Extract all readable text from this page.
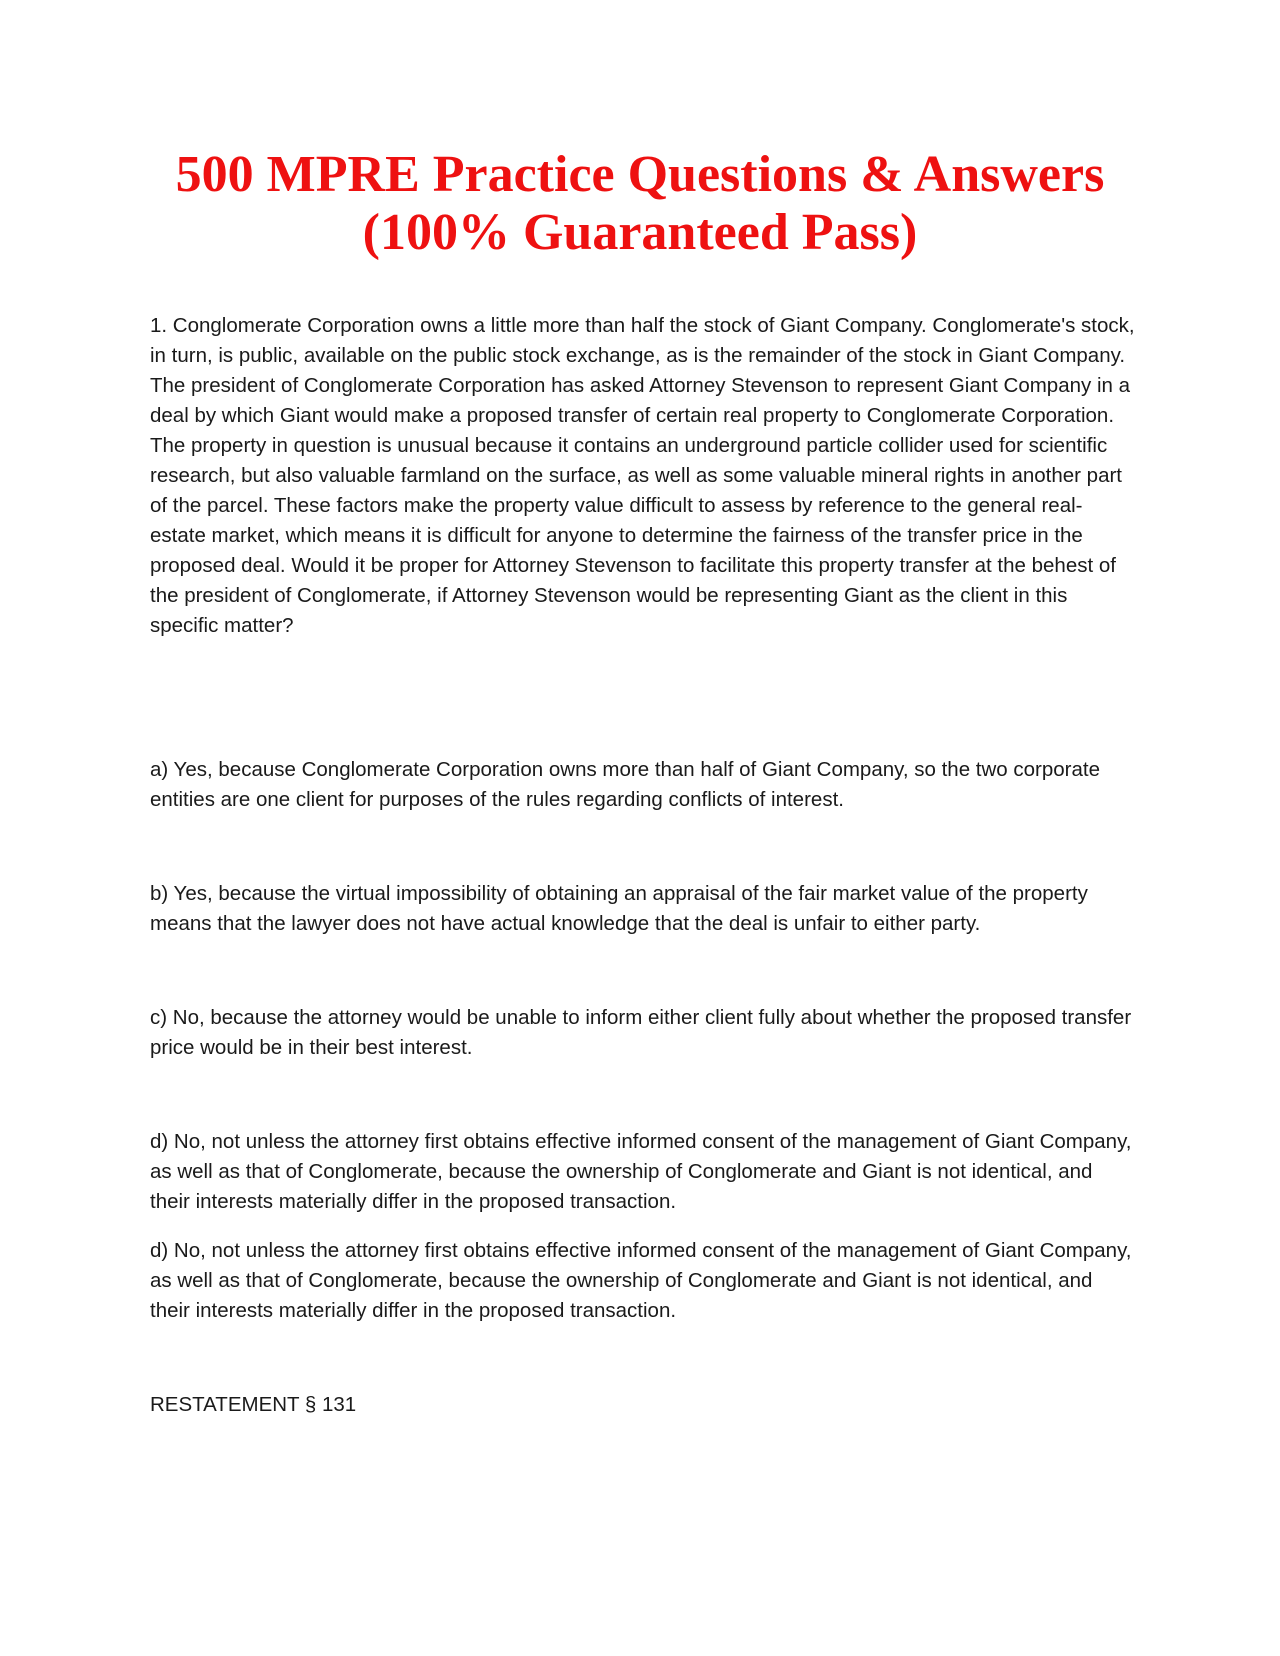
500 MPRE Practice Questions & Answers
(100% Guaranteed Pass)

1. Conglomerate Corporation owns a little more than half the stock of Giant Company. Conglomerate's stock, in turn, is public, available on the public stock exchange, as is the remainder of the stock in Giant Company. The president of Conglomerate Corporation has asked Attorney Stevenson to represent Giant Company in a deal by which Giant would make a proposed transfer of certain real property to Conglomerate Corporation. The property in question is unusual because it contains an underground particle collider used for scientific research, but also valuable farmland on the surface, as well as some valuable mineral rights in another part of the parcel. These factors make the property value difficult to assess by reference to the general real-estate market, which means it is difficult for anyone to determine the fairness of the transfer price in the proposed deal. Would it be proper for Attorney Stevenson to facilitate this property transfer at the behest of the president of Conglomerate, if Attorney Stevenson would be representing Giant as the client in this specific matter?

a) Yes, because Conglomerate Corporation owns more than half of Giant Company, so the two corporate entities are one client for purposes of the rules regarding conflicts of interest.

b) Yes, because the virtual impossibility of obtaining an appraisal of the fair market value of the property means that the lawyer does not have actual knowledge that the deal is unfair to either party.

c) No, because the attorney would be unable to inform either client fully about whether the proposed transfer price would be in their best interest.

d) No, not unless the attorney first obtains effective informed consent of the management of Giant Company, as well as that of Conglomerate, because the ownership of Conglomerate and Giant is not identical, and their interests materially differ in the proposed transaction.

d) No, not unless the attorney first obtains effective informed consent of the management of Giant Company, as well as that of Conglomerate, because the ownership of Conglomerate and Giant is not identical, and their interests materially differ in the proposed transaction.

RESTATEMENT § 131
